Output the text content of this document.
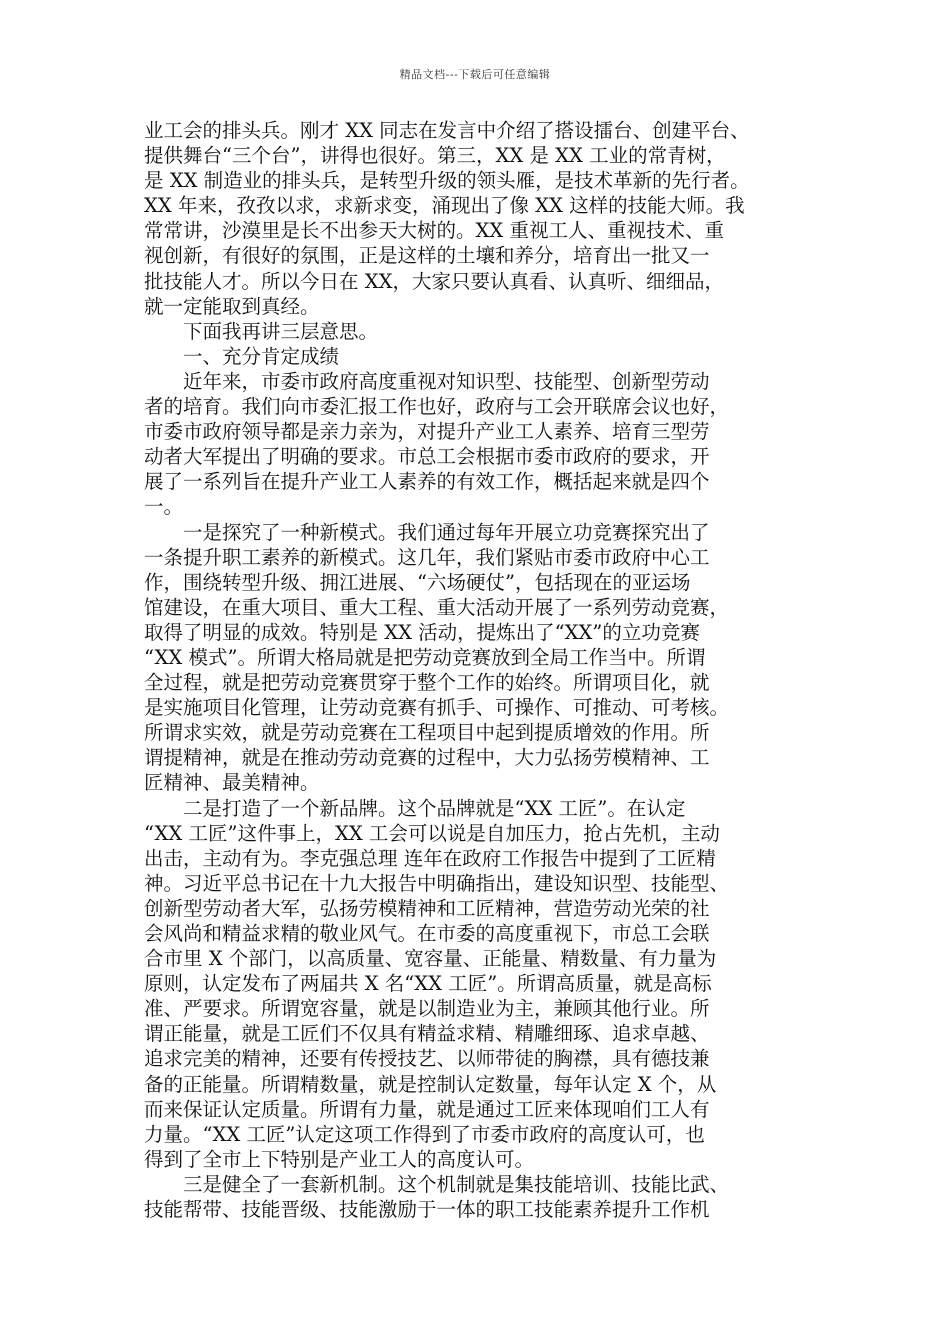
精品文档---下载后可任意编辑
业工会的排头兵。刚才 XX 同志在发言中介绍了搭设擂台、创建平台、
提供舞台“三个台”，讲得也很好。第三，XX 是 XX 工业的常青树，
是 XX 制造业的排头兵，是转型升级的领头雁，是技术革新的先行者。
XX 年来，孜孜以求，求新求变，涌现出了像 XX 这样的技能大师。我
常常讲，沙漠里是长不出参天大树的。XX 重视工人、重视技术、重
视创新，有很好的氛围，正是这样的土壤和养分，培育出一批又一
批技能人才。所以今日在 XX，大家只要认真看、认真听、细细品，
就一定能取到真经。
　　下面我再讲三层意思。
　　一、充分肯定成绩
　　近年来，市委市政府高度重视对知识型、技能型、创新型劳动
者的培育。我们向市委汇报工作也好，政府与工会开联席会议也好，
市委市政府领导都是亲力亲为，对提升产业工人素养、培育三型劳
动者大军提出了明确的要求。市总工会根据市委市政府的要求，开
展了一系列旨在提升产业工人素养的有效工作，概括起来就是四个
一。
　　一是探究了一种新模式。我们通过每年开展立功竞赛探究出了
一条提升职工素养的新模式。这几年，我们紧贴市委市政府中心工
作，围绕转型升级、拥江进展、“六场硬仗”，包括现在的亚运场
馆建设，在重大项目、重大工程、重大活动开展了一系列劳动竞赛，
取得了明显的成效。特别是 XX 活动，提炼出了“XX”的立功竞赛
“XX 模式”。所谓大格局就是把劳动竞赛放到全局工作当中。所谓
全过程，就是把劳动竞赛贯穿于整个工作的始终。所谓项目化，就
是实施项目化管理，让劳动竞赛有抓手、可操作、可推动、可考核。
所谓求实效，就是劳动竞赛在工程项目中起到提质增效的作用。所
谓提精神，就是在推动劳动竞赛的过程中，大力弘扬劳模精神、工
匠精神、最美精神。
　　二是打造了一个新品牌。这个品牌就是“XX 工匠”。在认定
“XX 工匠”这件事上，XX 工会可以说是自加压力，抢占先机，主动
出击，主动有为。李克强总理 连年在政府工作报告中提到了工匠精
神。习近平总书记在十九大报告中明确指出，建设知识型、技能型、
创新型劳动者大军，弘扬劳模精神和工匠精神，营造劳动光荣的社
会风尚和精益求精的敬业风气。在市委的高度重视下，市总工会联
合市里 X 个部门，以高质量、宽容量、正能量、精数量、有力量为
原则，认定发布了两届共 X 名“XX 工匠”。所谓高质量，就是高标
准、严要求。所谓宽容量，就是以制造业为主，兼顾其他行业。所
谓正能量，就是工匠们不仅具有精益求精、精雕细琢、追求卓越、
追求完美的精神，还要有传授技艺、以师带徒的胸襟，具有德技兼
备的正能量。所谓精数量，就是控制认定数量，每年认定 X 个，从
而来保证认定质量。所谓有力量，就是通过工匠来体现咱们工人有
力量。“XX 工匠”认定这项工作得到了市委市政府的高度认可，也
得到了全市上下特别是产业工人的高度认可。
　　三是健全了一套新机制。这个机制就是集技能培训、技能比武、
技能帮带、技能晋级、技能激励于一体的职工技能素养提升工作机
